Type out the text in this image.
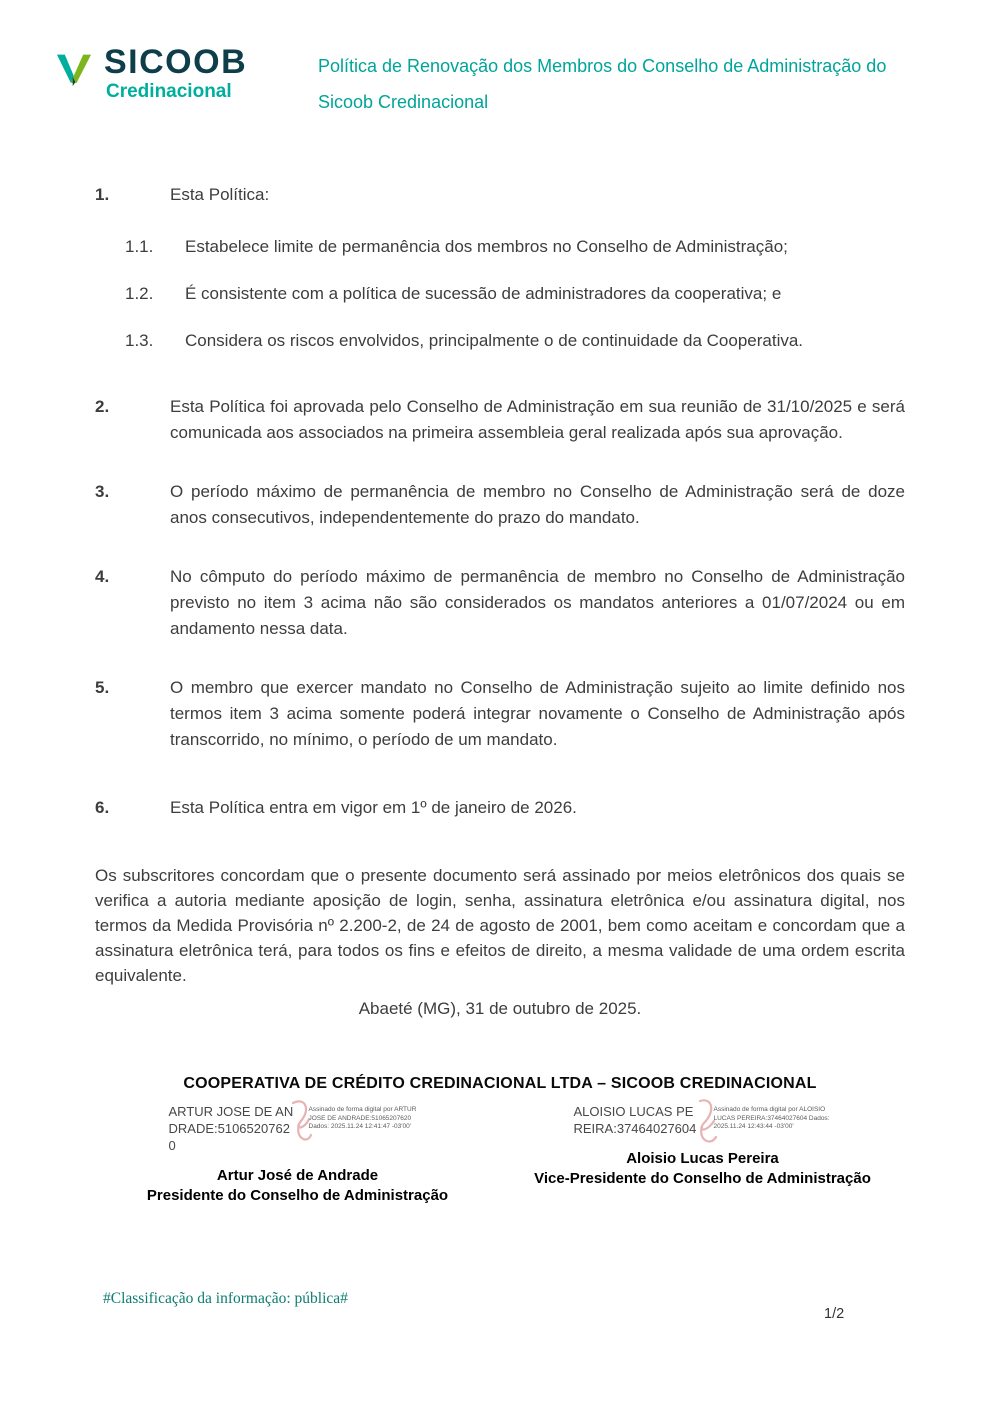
SICOOB
Credinacional
Política de Renovação dos Membros do Conselho de Administração do
Sicoob Credinacional
1.	Esta Política:
1.1.	Estabelece limite de permanência dos membros no Conselho de Administração;
1.2.	É consistente com a política de sucessão de administradores da cooperativa; e
1.3.	Considera os riscos envolvidos, principalmente o de continuidade da Cooperativa.
2.	Esta Política foi aprovada pelo Conselho de Administração em sua reunião de 31/10/2025 e será comunicada aos associados na primeira assembleia geral realizada após sua aprovação.
3.	O período máximo de permanência de membro no Conselho de Administração será de doze anos consecutivos, independentemente do prazo do mandato.
4.	No cômputo do período máximo de permanência de membro no Conselho de Administração previsto no item 3 acima não são considerados os mandatos anteriores a 01/07/2024 ou em andamento nessa data.
5.	O membro que exercer mandato no Conselho de Administração sujeito ao limite definido nos termos item 3 acima somente poderá integrar novamente o Conselho de Administração após transcorrido, no mínimo, o período de um mandato.
6.	Esta Política entra em vigor em 1º de janeiro de 2026.

Os subscritores concordam que o presente documento será assinado por meios eletrônicos dos quais se verifica a autoria mediante aposição de login, senha, assinatura eletrônica e/ou assinatura digital, nos termos da Medida Provisória nº 2.200-2, de 24 de agosto de 2001, bem como aceitam e concordam que a assinatura eletrônica terá, para todos os fins e efeitos de direito, a mesma validade de uma ordem escrita equivalente.

Abaeté (MG), 31 de outubro de 2025.
COOPERATIVA DE CRÉDITO CREDINACIONAL LTDA – SICOOB CREDINACIONAL
ARTUR JOSE DE ANDRADE:51065207620
Assinado de forma digital por ARTUR JOSE DE ANDRADE:51065207620 Dados: 2025.11.24 12:41:47 -03'00'
Artur José de Andrade
Presidente do Conselho de Administração
ALOISIO LUCAS PEREIRA:37464027604
Assinado de forma digital por ALOISIO LUCAS PEREIRA:37464027604 Dados: 2025.11.24 12:43:44 -03'00'
Aloisio Lucas Pereira
Vice-Presidente do Conselho de Administração
#Classificação da informação: pública#
1/2
